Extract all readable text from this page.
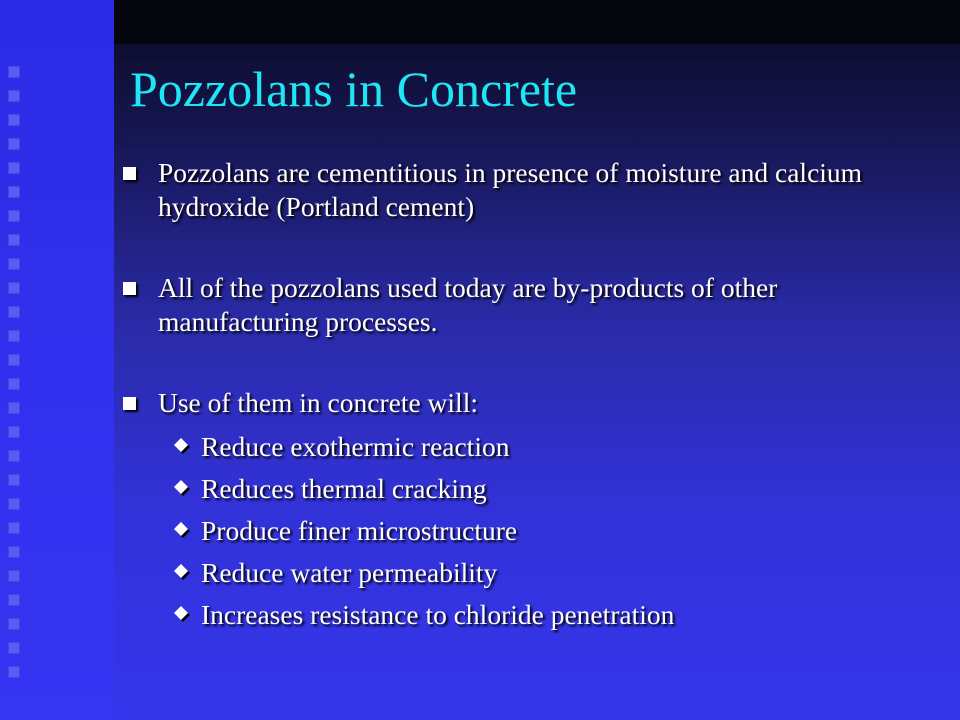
Pozzolans in Concrete
Pozzolans are cementitious in presence of moisture and calcium hydroxide (Portland cement)
All of the pozzolans used today are by-products of other manufacturing processes.
Use of them in concrete will:
Reduce exothermic reaction
Reduces thermal cracking
Produce finer microstructure
Reduce water permeability
Increases resistance to chloride penetration
